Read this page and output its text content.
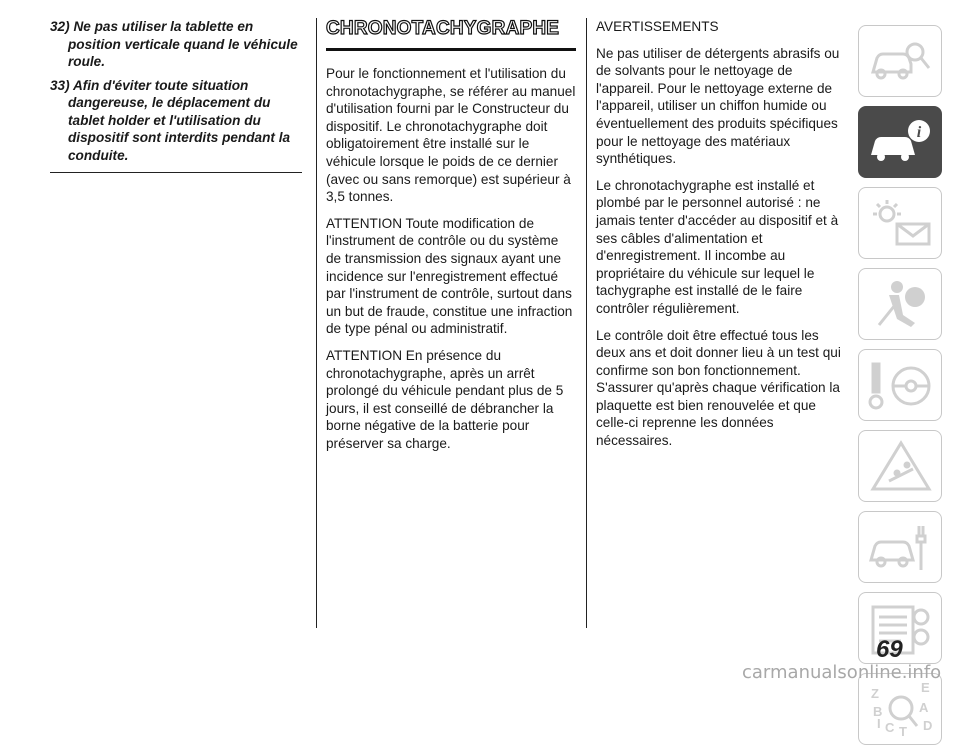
32) Ne pas utiliser la tablette en position verticale quand le véhicule roule.
33) Afin d'éviter toute situation dangereuse, le déplacement du tablet holder et l'utilisation du dispositif sont interdits pendant la conduite.
CHRONOTACHYGRAPHE

Pour le fonctionnement et l'utilisation du chronotachygraphe, se référer au manuel d'utilisation fourni par le Constructeur du dispositif. Le chronotachygraphe doit obligatoirement être installé sur le véhicule lorsque le poids de ce dernier (avec ou sans remorque) est supérieur à 3,5 tonnes.

ATTENTION Toute modification de l'instrument de contrôle ou du système de transmission des signaux ayant une incidence sur l'enregistrement effectué par l'instrument de contrôle, surtout dans un but de fraude, constitue une infraction de type pénal ou administratif.

ATTENTION En présence du chronotachygraphe, après un arrêt prolongé du véhicule pendant plus de 5 jours, il est conseillé de débrancher la borne négative de la batterie pour préserver sa charge.

AVERTISSEMENTS

Ne pas utiliser de détergents abrasifs ou de solvants pour le nettoyage de l'appareil. Pour le nettoyage externe de l'appareil, utiliser un chiffon humide ou éventuellement des produits spécifiques pour le nettoyage des matériaux synthétiques.

Le chronotachygraphe est installé et plombé par le personnel autorisé : ne jamais tenter d'accéder au dispositif et à ses câbles d'alimentation et d'enregistrement. Il incombe au propriétaire du véhicule sur lequel le tachygraphe est installé de le faire contrôler régulièrement.

Le contrôle doit être effectué tous les deux ans et doit donner lieu à un test qui confirme son bon fonctionnement. S'assurer qu'après chaque vérification la plaquette est bien renouvelée et que celle-ci reprenne les données nécessaires.

i
Z	E
A
B
C D
T
I
69
carmanualsonline.info
